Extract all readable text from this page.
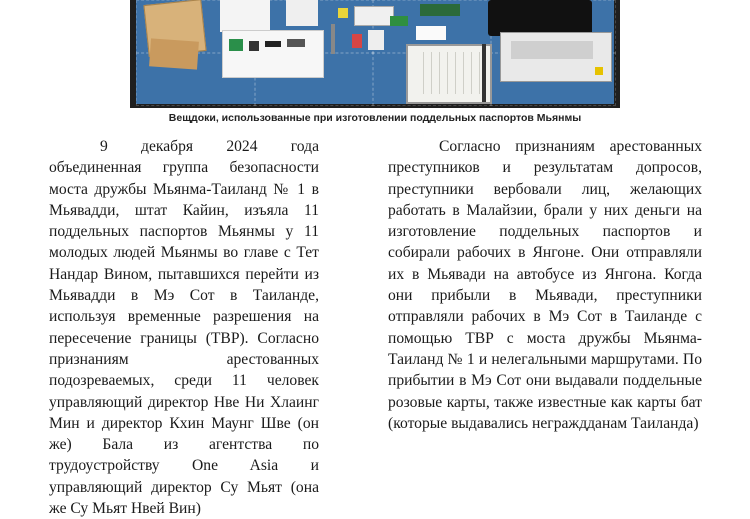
Вещдоки, использованные при изготовлении поддельных паспортов Мьянмы

9 декабря 2024 года объединенная группа безопасности моста дружбы Мьянма-Таиланд № 1 в Мьявадди, штат Кайин, изъяла 11 поддельных паспортов Мьянмы у 11 молодых людей Мьянмы во главе с Тет Нандар Вином, пытавшихся перейти из Мьявадди в Мэ Сот в Таиланде, используя временные разрешения на пересечение границы (ТВР). Согласно признаниям арестованных подозреваемых, среди 11 человек управляющий директор Нве Ни Хлаинг Мин и директор Кхин Маунг Шве (он же) Бала из агентства по трудоустройству One Asia и управляющий директор Су Мьят (она же Су Мьят Нвей Вин)

Согласно признаниям арестованных преступников и результатам допросов, преступники вербовали лиц, желающих работать в Малайзии, брали у них деньги на изготовление поддельных паспортов и собирали рабочих в Янгоне. Они отправляли их в Мьявади на автобусе из Янгона. Когда они прибыли в Мьявади, преступники отправляли рабочих в Мэ Сот в Таиланде с помощью ТВР с моста дружбы Мьянма-Таиланд № 1 и нелегальными маршрутами. По прибытии в Мэ Сот они выдавали поддельные розовые карты, также известные как карты бат (которые выдавались неграждданам Таиланда)
